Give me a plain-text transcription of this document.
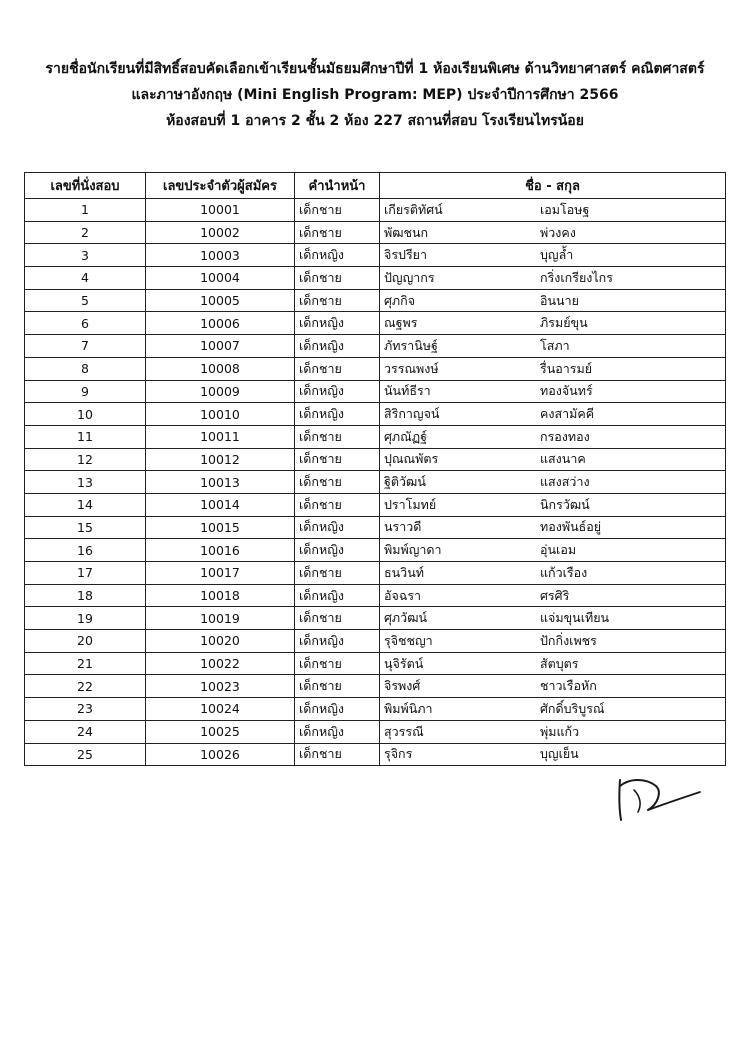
รายชื่อนักเรียนที่มีสิทธิ์สอบคัดเลือกเข้าเรียนชั้นมัธยมศึกษาปีที่ 1 ห้องเรียนพิเศษ ด้านวิทยาศาสตร์ คณิตศาสตร์
และภาษาอังกฤษ (Mini English Program: MEP) ประจำปีการศึกษา 2566
ห้องสอบที่ 1 อาคาร 2 ชั้น 2 ห้อง 227 สถานที่สอบ โรงเรียนไทรน้อย
เลขที่นั่งสอบ	เลขประจำตัวผู้สมัคร	คำนำหน้า	ชื่อ - สกุล
1	10001	เด็กชาย	เกียรติทัศน์ เอมโอษฐ
2	10002	เด็กชาย	พัฒชนก พ่วงคง
3	10003	เด็กหญิง	จิรปรียา บุญล้ำ
4	10004	เด็กชาย	ปัญญากร กริ่งเกรียงไกร
5	10005	เด็กชาย	ศุภกิจ อินนาย
6	10006	เด็กหญิง	ณฐพร ภิรมย์ขุน
7	10007	เด็กหญิง	ภัทรานิษฐ์ โสภา
8	10008	เด็กชาย	วรรณพงษ์ รื่นอารมย์
9	10009	เด็กหญิง	นันท์ธีรา ทองจันทร์
10	10010	เด็กหญิง	สิริกาญจน์ คงสามัคคี
11	10011	เด็กชาย	ศุภณัฏฐ์ กรองทอง
12	10012	เด็กชาย	ปุณณพัตร แสงนาค
13	10013	เด็กชาย	ฐิติวัฒน์ แสงสว่าง
14	10014	เด็กชาย	ปราโมทย์ นิกรวัฒน์
15	10015	เด็กหญิง	นราวดี ทองพันธ์อยู่
16	10016	เด็กหญิง	พิมพ์ญาดา อุ่นเอม
17	10017	เด็กชาย	ธนวินท์ แก้วเรือง
18	10018	เด็กหญิง	อัจฉรา ศรศิริ
19	10019	เด็กชาย	ศุภวัฒน์ แจ่มขุนเทียน
20	10020	เด็กหญิง	รุจิชชญา ปักกิ่งเพชร
21	10022	เด็กชาย	นุจิรัตน์ สัตบุตร
22	10023	เด็กชาย	จิรพงศ์ ชาวเรือหัก
23	10024	เด็กหญิง	พิมพ์นิภา ศักดิ์บริบูรณ์
24	10025	เด็กหญิง	สุวรรณี พุ่มแก้ว
25	10026	เด็กชาย	รุจิกร บุญเย็น
